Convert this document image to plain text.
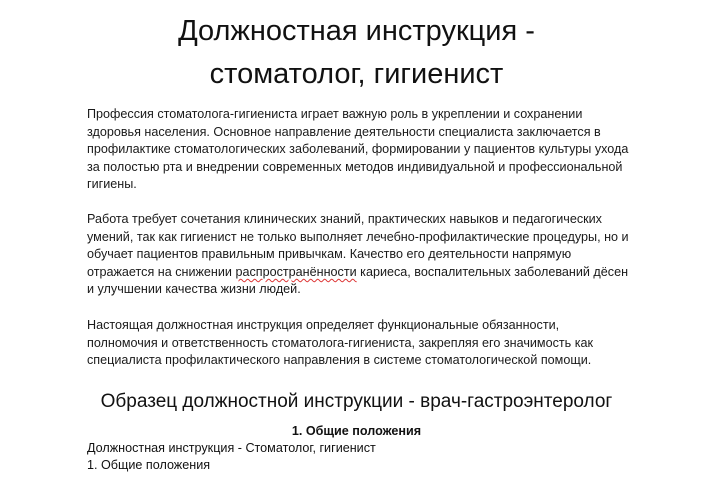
Должностная инструкция -
стоматолог, гигиенист

Профессия стоматолога-гигиениста играет важную роль в укреплении и сохранении здоровья населения. Основное направление деятельности специалиста заключается в профилактике стоматологических заболеваний, формировании у пациентов культуры ухода за полостью рта и внедрении современных методов индивидуальной и профессиональной гигиены.

Работа требует сочетания клинических знаний, практических навыков и педагогических умений, так как гигиенист не только выполняет лечебно-профилактические процедуры, но и обучает пациентов правильным привычкам. Качество его деятельности напрямую отражается на снижении распространённости кариеса, воспалительных заболеваний дёсен и улучшении качества жизни людей.

Настоящая должностная инструкция определяет функциональные обязанности, полномочия и ответственность стоматолога-гигиениста, закрепляя его значимость как специалиста профилактического направления в системе стоматологической помощи.

Образец должностной инструкции - врач-гастроэнтеролог
1. Общие положения

Должностная инструкция - Стоматолог, гигиенист

1. Общие положения
